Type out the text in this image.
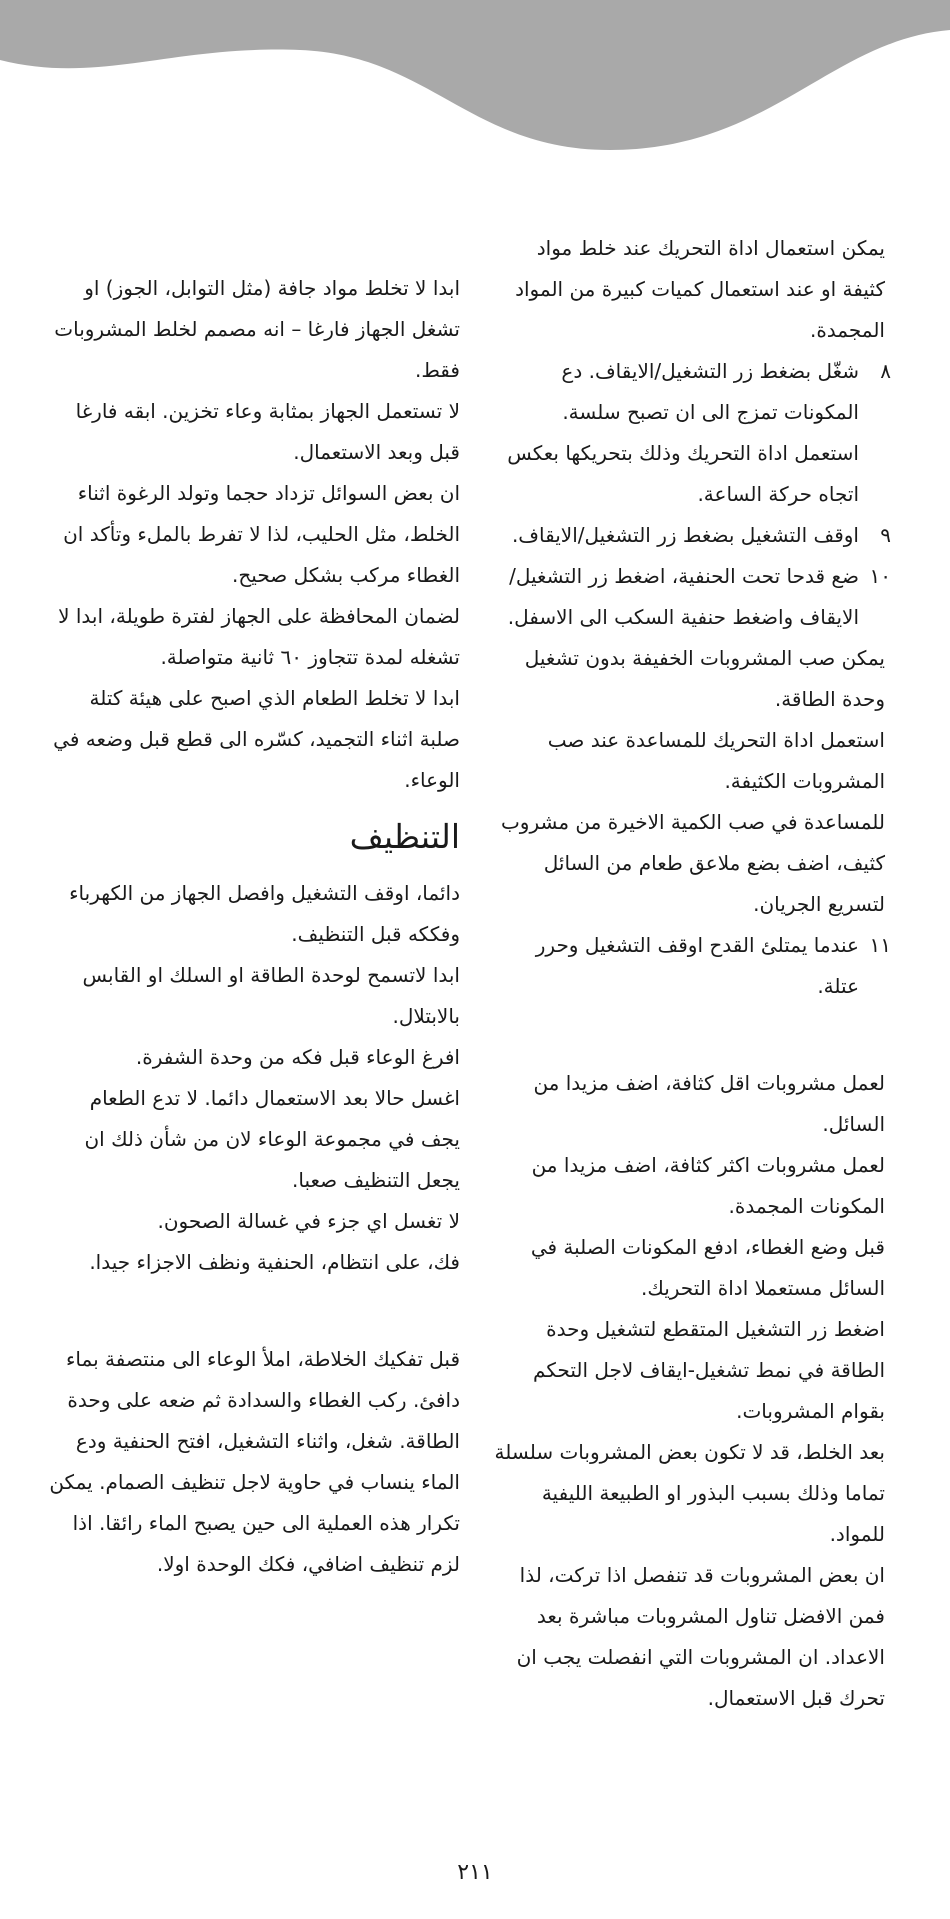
يمكن استعمال اداة التحريك عند خلط مواد كثيفة او عند استعمال كميات كبيرة من المواد المجمدة.

٨
شغّل بضغط زر التشغيل/الايقاف. دع المكونات تمزج الى ان تصبح سلسة. استعمل اداة التحريك وذلك بتحريكها بعكس اتجاه حركة الساعة.

٩
اوقف التشغيل بضغط زر التشغيل/الايقاف.

١٠
ضع قدحا تحت الحنفية، اضغط زر التشغيل/الايقاف واضغط حنفية السكب الى الاسفل.

يمكن صب المشروبات الخفيفة بدون تشغيل وحدة الطاقة.

استعمل اداة التحريك للمساعدة عند صب المشروبات الكثيفة.

للمساعدة في صب الكمية الاخيرة من مشروب كثيف، اضف بضع ملاعق طعام من السائل لتسريع الجريان.

١١
عندما يمتلئ القدح اوقف التشغيل وحرر عتلة.

لعمل مشروبات اقل كثافة، اضف مزيدا من السائل.

لعمل مشروبات اكثر كثافة، اضف مزيدا من المكونات المجمدة.

قبل وضع الغطاء، ادفع المكونات الصلبة في السائل مستعملا اداة التحريك.

اضغط زر التشغيل المتقطع لتشغيل وحدة الطاقة في نمط تشغيل-ايقاف لاجل التحكم بقوام المشروبات.

بعد الخلط، قد لا تكون بعض المشروبات سلسلة تماما وذلك بسبب البذور او الطبيعة الليفية للمواد.

ان بعض المشروبات قد تنفصل اذا تركت، لذا فمن الافضل تناول المشروبات مباشرة بعد الاعداد. ان المشروبات التي انفصلت يجب ان تحرك قبل الاستعمال.

ابدا لا تخلط مواد جافة (مثل التوابل، الجوز) او تشغل الجهاز فارغا – انه مصمم لخلط المشروبات فقط.

لا تستعمل الجهاز بمثابة وعاء تخزين. ابقه فارغا قبل وبعد الاستعمال.

ان بعض السوائل تزداد حجما وتولد الرغوة اثناء الخلط، مثل الحليب، لذا لا تفرط بالملء وتأكد ان الغطاء مركب بشكل صحيح.

لضمان المحافظة على الجهاز لفترة طويلة، ابدا لا تشغله لمدة تتجاوز ٦٠ ثانية متواصلة.

ابدا لا تخلط الطعام الذي اصبح على هيئة كتلة صلبة اثناء التجميد، كسّره الى قطع قبل وضعه في الوعاء.

التنظيف

دائما، اوقف التشغيل وافصل الجهاز من الكهرباء وفككه قبل التنظيف.

ابدا لاتسمح لوحدة الطاقة او السلك او القابس بالابتلال.

افرغ الوعاء قبل فكه من وحدة الشفرة.

اغسل حالا بعد الاستعمال دائما. لا تدع الطعام يجف في مجموعة الوعاء لان من شأن ذلك ان يجعل التنظيف صعبا.

لا تغسل اي جزء في غسالة الصحون.

فك، على انتظام، الحنفية ونظف الاجزاء جيدا.

قبل تفكيك الخلاطة، املأ الوعاء الى منتصفة بماء دافئ. ركب الغطاء والسدادة ثم ضعه على وحدة الطاقة. شغل، واثناء التشغيل، افتح الحنفية ودع الماء ينساب في حاوية لاجل تنظيف الصمام. يمكن تكرار هذه العملية الى حين يصبح الماء رائقا. اذا لزم تنظيف اضافي، فكك الوحدة اولا.

٢١١
